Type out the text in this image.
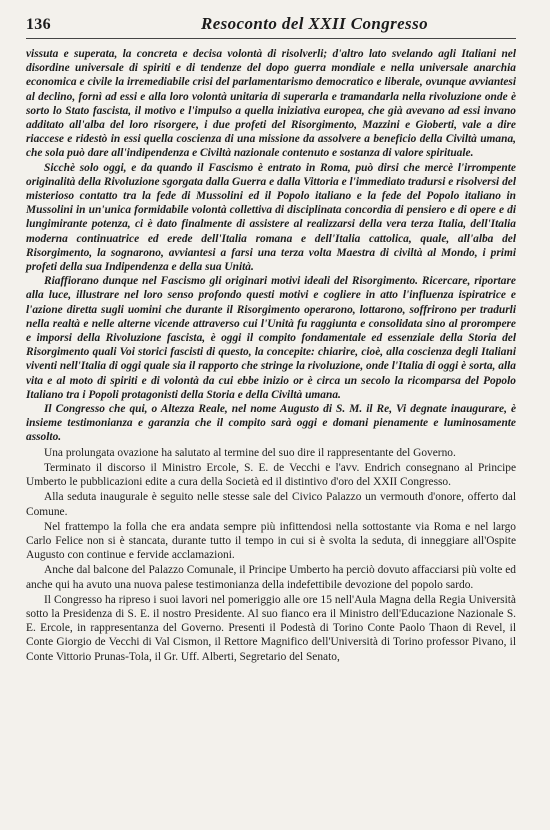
136	Resoconto del XXII Congresso

vissuta e superata, la concreta e decisa volontà di risolverli; d'altro lato svelando agli Italiani nel disordine universale di spiriti e di tendenze del dopo guerra mondiale e nella universale anarchia economica e civile la irremediabile crisi del parlamentarismo democratico e liberale, ovunque avviantesi al declino, fornì ad essi e alla loro volontà unitaria di superarla e tramandarla nella rivoluzione onde è sorto lo Stato fascista, il motivo e l'impulso a quella iniziativa europea, che già avevano ad essi invano additato all'alba del loro risorgere, i due profeti del Risorgimento, Mazzini e Gioberti, vale a dire riaccese e ridestò in essi quella coscienza di una missione da assolvere a beneficio della Civiltà umana, che sola può dare all'indipendenza e Civiltà nazionale contenuto e sostanza di valore spirituale.

Sicchè solo oggi, e da quando il Fascismo è entrato in Roma, può dirsi che mercè l'irrompente originalità della Rivoluzione sgorgata dalla Guerra e dalla Vittoria e l'immediato tradursi e risolversi del misterioso contatto tra la fede di Mussolini ed il Popolo italiano e la fede del Popolo italiano in Mussolini in un'unica formidabile volontà collettiva di disciplinata concordia di pensiero e di opere e di lungimirante potenza, ci è dato finalmente di assistere al realizzarsi della vera terza Italia, dell'Italia moderna continuatrice ed erede dell'Italia romana e dell'Italia cattolica, quale, all'alba del Risorgimento, la sognarono, avviantesi a farsi una terza volta Maestra di civiltà al Mondo, i primi profeti della sua Indipendenza e della sua Unità.

Riaffiorano dunque nel Fascismo gli originari motivi ideali del Risorgimento. Ricercare, riportare alla luce, illustrare nel loro senso profondo questi motivi e cogliere in atto l'influenza ispiratrice e l'azione diretta sugli uomini che durante il Risorgimento operarono, lottarono, soffrirono per tradurli nella realtà e nelle alterne vicende attraverso cui l'Unità fu raggiunta e consolidata sino al prorompere e imporsi della Rivoluzione fascista, è oggi il compito fondamentale ed essenziale della Storia del Risorgimento quali Voi storici fascisti di questo, la concepite: chiarire, cioè, alla coscienza degli Italiani viventi nell'Italia di oggi quale sia il rapporto che stringe la rivoluzione, onde l'Italia di oggi è sorta, alla vita e al moto di spiriti e di volontà da cui ebbe inizio or è circa un secolo la ricomparsa del Popolo Italiano tra i Popoli protagonisti della Storia e della Civiltà umana.

Il Congresso che qui, o Altezza Reale, nel nome Augusto di S. M. il Re, Vi degnate inaugurare, è insieme testimonianza e garanzia che il compito sarà oggi e domani pienamente e luminosamente assolto.

Una prolungata ovazione ha salutato al termine del suo dire il rappresentante del Governo.

Terminato il discorso il Ministro Ercole, S. E. de Vecchi e l'avv. Endrich consegnano al Principe Umberto le pubblicazioni edite a cura della Società ed il distintivo d'oro del XXII Congresso.

Alla seduta inaugurale è seguito nelle stesse sale del Civico Palazzo un vermouth d'onore, offerto dal Comune.

Nel frattempo la folla che era andata sempre più infittendosi nella sottostante via Roma e nel largo Carlo Felice non si è stancata, durante tutto il tempo in cui si è svolta la seduta, di inneggiare all'Ospite Augusto con continue e fervide acclamazioni.

Anche dal balcone del Palazzo Comunale, il Principe Umberto ha perciò dovuto affacciarsi più volte ed anche qui ha avuto una nuova palese testimonianza della indefettibile devozione del popolo sardo.

Il Congresso ha ripreso i suoi lavori nel pomeriggio alle ore 15 nell'Aula Magna della Regia Università sotto la Presidenza di S. E. il nostro Presidente. Al suo fianco era il Ministro dell'Educazione Nazionale S. E. Ercole, in rappresentanza del Governo. Presenti il Podestà di Torino Conte Paolo Thaon di Revel, il Conte Giorgio de Vecchi di Val Cismon, il Rettore Magnifico dell'Università di Torino professor Pivano, il Conte Vittorio Prunas-Tola, il Gr. Uff. Alberti, Segretario del Senato,
